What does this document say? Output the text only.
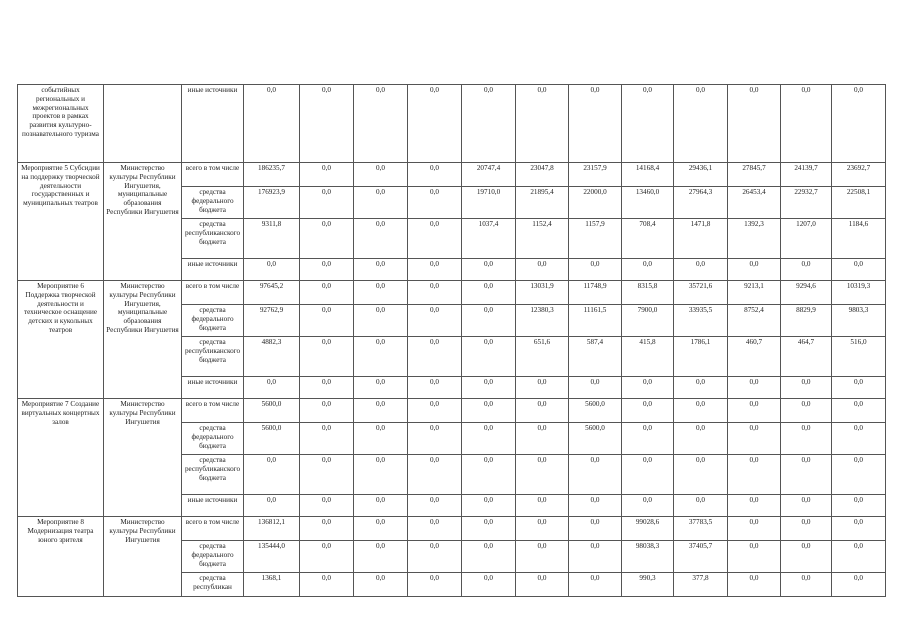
событийных региональных и межрегиональных проектов в рамках развития культурно-познавательного туризма		иные источники	0,0	0,0	0,0	0,0	0,0	0,0	0,0	0,0	0,0	0,0	0,0	0,0
Мероприятие 5 Субсидии на поддержку творческой деятельности государственных и муниципальных театров	Министерство культуры Республики Ингушетия, муниципальные образования Республики Ингушетия	всего в том числе	186235,7	0,0	0,0	0,0	20747,4	23047,8	23157,9	14168,4	29436,1	27845,7	24139,7	23692,7
		средства федерального бюджета	176923,9	0,0	0,0	0,0	19710,0	21895,4	22000,0	13460,0	27964,3	26453,4	22932,7	22508,1
		средства республиканского бюджета	9311,8	0,0	0,0	0,0	1037,4	1152,4	1157,9	708,4	1471,8	1392,3	1207,0	1184,6
		иные источники	0,0	0,0	0,0	0,0	0,0	0,0	0,0	0,0	0,0	0,0	0,0	0,0
Мероприятие 6 Поддержка творческой деятельности и техническое оснащение детских и кукольных театров	Министерство культуры Республики Ингушетия, муниципальные образования Республики Ингушетия	всего в том числе	97645,2	0,0	0,0	0,0	0,0	13031,9	11748,9	8315,8	35721,6	9213,1	9294,6	10319,3
		средства федерального бюджета	92762,9	0,0	0,0	0,0	0,0	12380,3	11161,5	7900,0	33935,5	8752,4	8829,9	9803,3
		средства республиканского бюджета	4882,3	0,0	0,0	0,0	0,0	651,6	587,4	415,8	1786,1	460,7	464,7	516,0
		иные источники	0,0	0,0	0,0	0,0	0,0	0,0	0,0	0,0	0,0	0,0	0,0	0,0
Мероприятие 7 Создание виртуальных концертных залов	Министерство культуры Республики Ингушетия	всего в том числе	5600,0	0,0	0,0	0,0	0,0	0,0	5600,0	0,0	0,0	0,0	0,0	0,0
		средства федерального бюджета	5600,0	0,0	0,0	0,0	0,0	0,0	5600,0	0,0	0,0	0,0	0,0	0,0
		средства республиканского бюджета	0,0	0,0	0,0	0,0	0,0	0,0	0,0	0,0	0,0	0,0	0,0	0,0
		иные источники	0,0	0,0	0,0	0,0	0,0	0,0	0,0	0,0	0,0	0,0	0,0	0,0
Мероприятие 8 Модернизация театра юного зрителя	Министерство культуры Республики Ингушетия	всего в том числе	136812,1	0,0	0,0	0,0	0,0	0,0	0,0	99028,6	37783,5	0,0	0,0	0,0
		средства федерального бюджета	135444,0	0,0	0,0	0,0	0,0	0,0	0,0	98038,3	37405,7	0,0	0,0	0,0
		средства республикан	1368,1	0,0	0,0	0,0	0,0	0,0	0,0	990,3	377,8	0,0	0,0	0,0
